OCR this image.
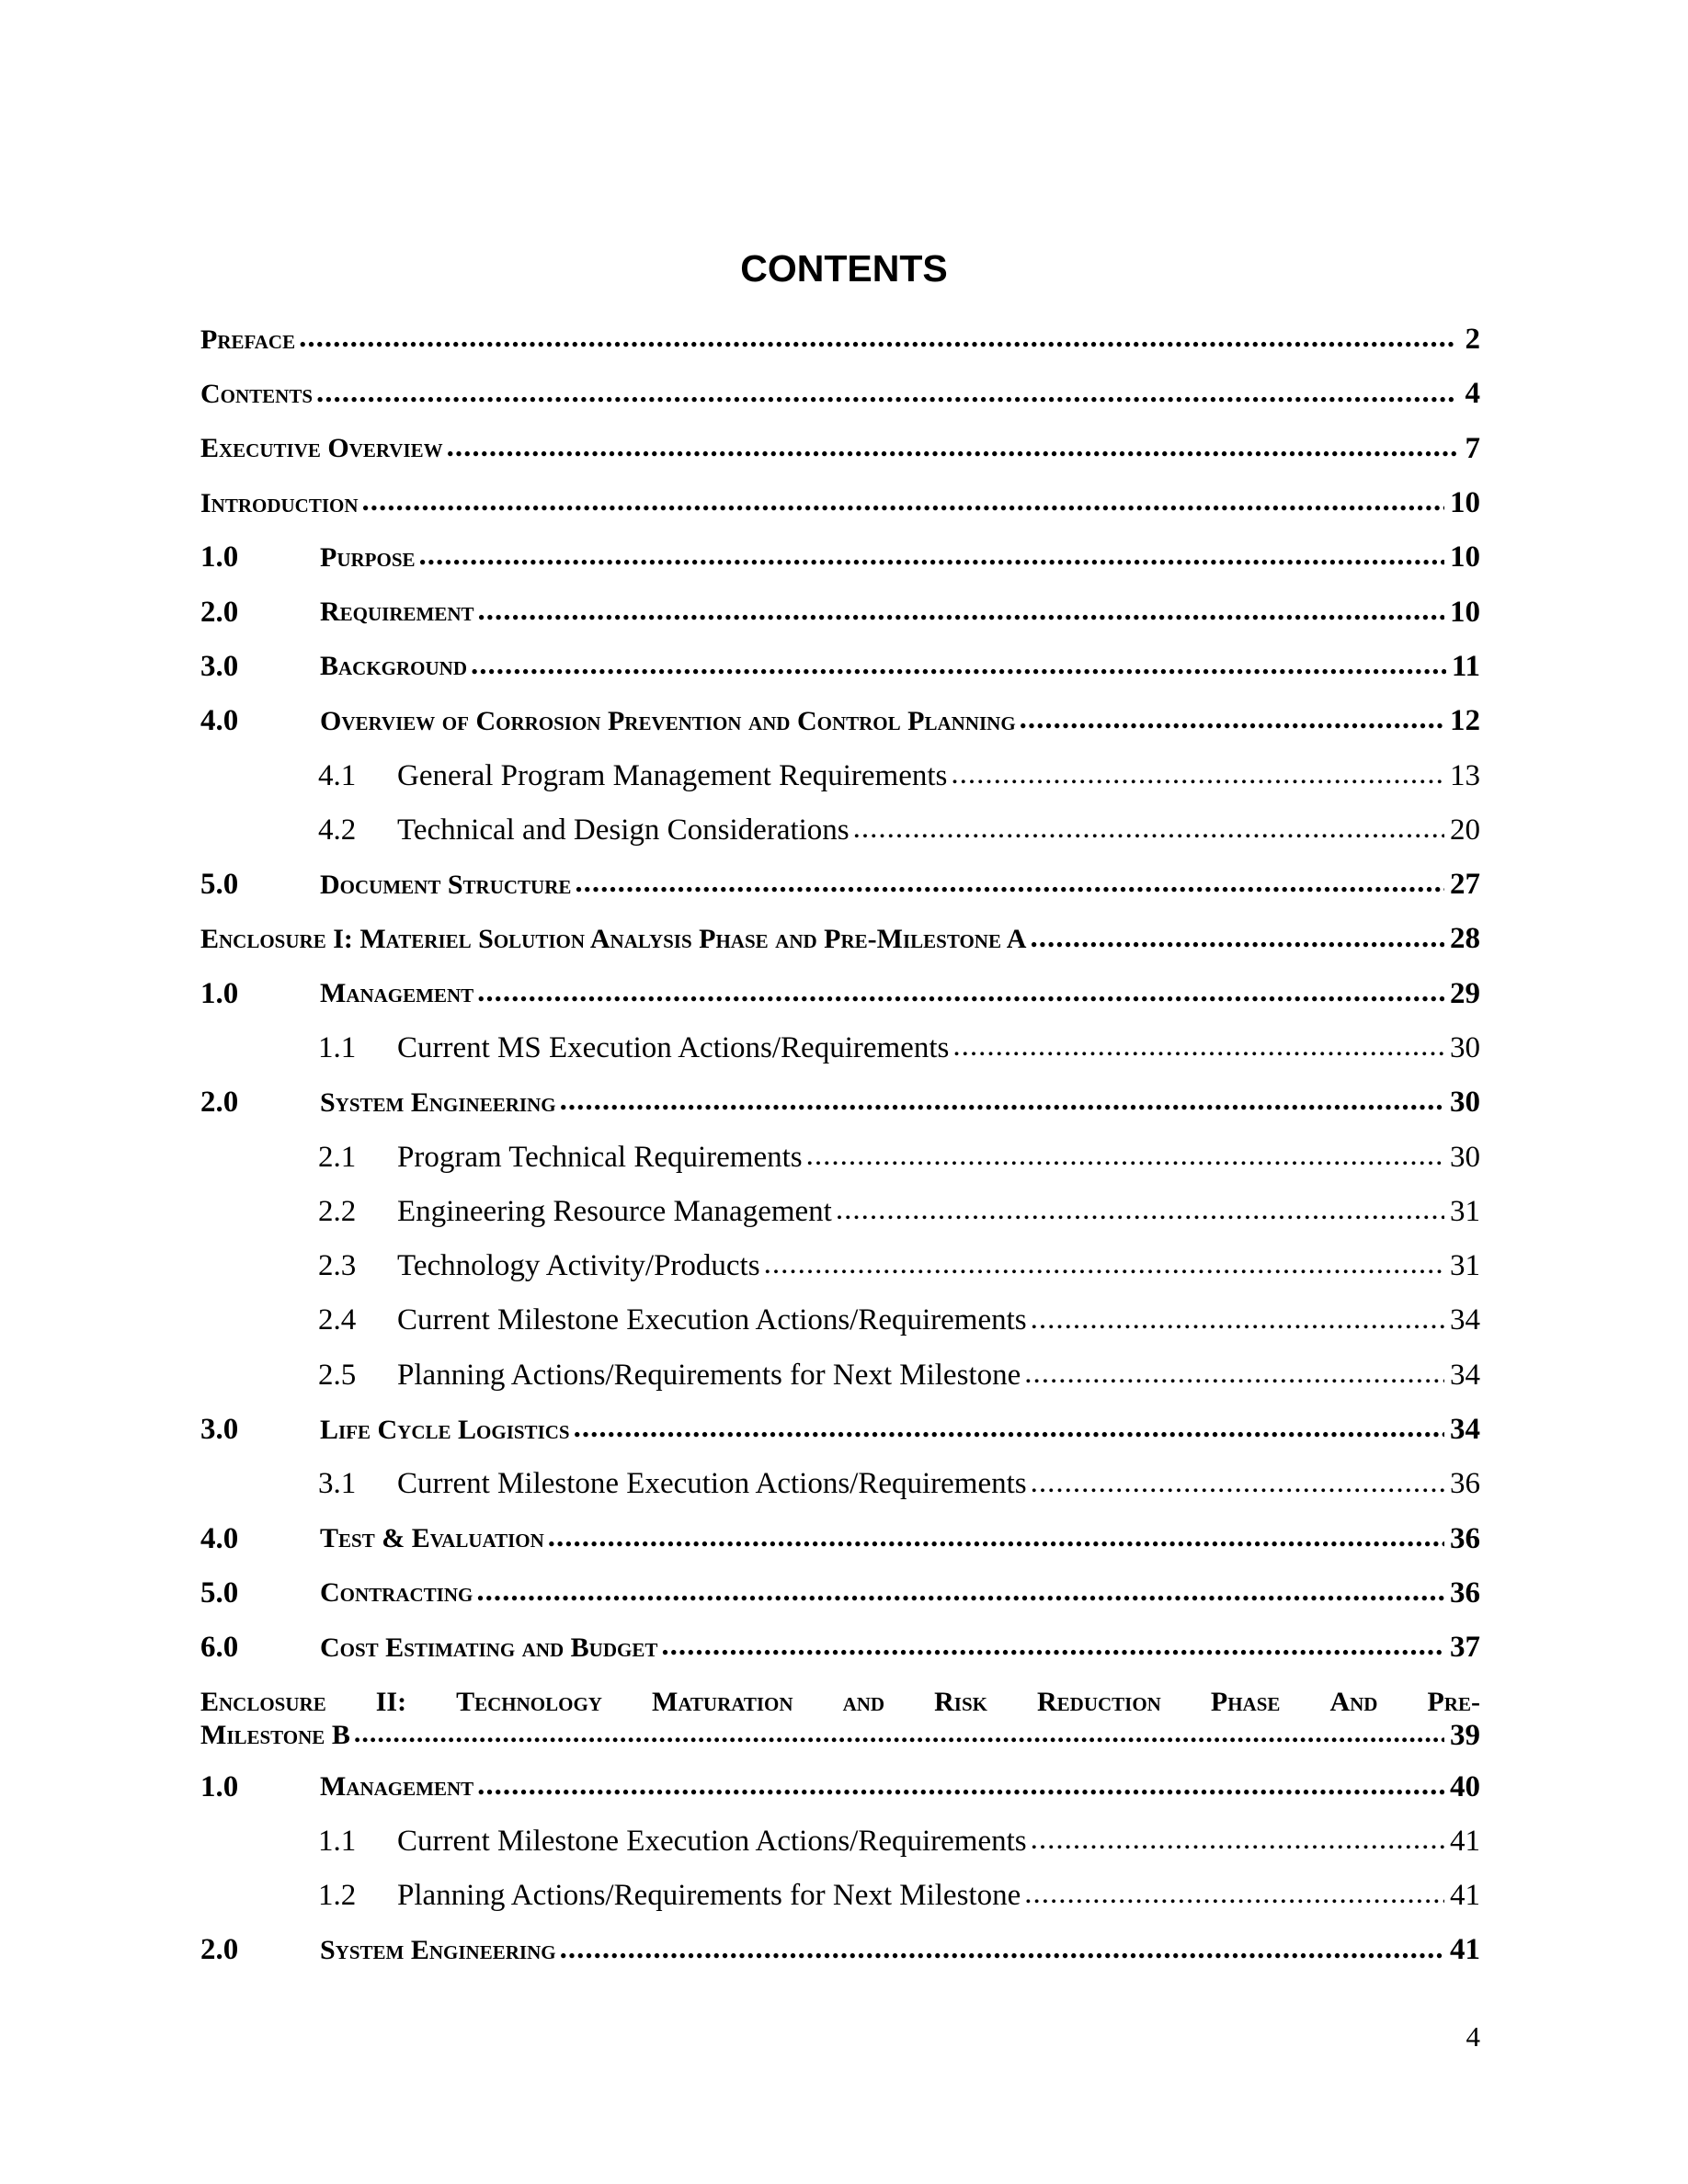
CONTENTS
Preface .....	2
Contents .....	4
Executive Overview .....	7
Introduction .....	10
1.0	Purpose .....	10
2.0	Requirement .....	10
3.0	Background .....	11
4.0	Overview of Corrosion Prevention and Control Planning .....	12
4.1	General Program Management Requirements .....	13
4.2	Technical and Design Considerations .....	20
5.0	Document Structure .....	27
Enclosure I: Materiel Solution Analysis Phase and Pre-Milestone A .....	28
1.0	Management .....	29
1.1	Current MS Execution Actions/Requirements .....	30
2.0	System Engineering .....	30
2.1	Program Technical Requirements .....	30
2.2	Engineering Resource Management .....	31
2.3	Technology Activity/Products .....	31
2.4	Current Milestone Execution Actions/Requirements .....	34
2.5	Planning Actions/Requirements for Next Milestone .....	34
3.0	Life Cycle Logistics .....	34
3.1	Current Milestone Execution Actions/Requirements .....	36
4.0	Test & Evaluation .....	36
5.0	Contracting .....	36
6.0	Cost Estimating and Budget .....	37
Enclosure II: Technology Maturation and Risk Reduction Phase And Pre-
Milestone B .....	39
1.0	Management .....	40
1.1	Current Milestone Execution Actions/Requirements .....	41
1.2	Planning Actions/Requirements for Next Milestone .....	41
2.0	System Engineering .....	41
4
